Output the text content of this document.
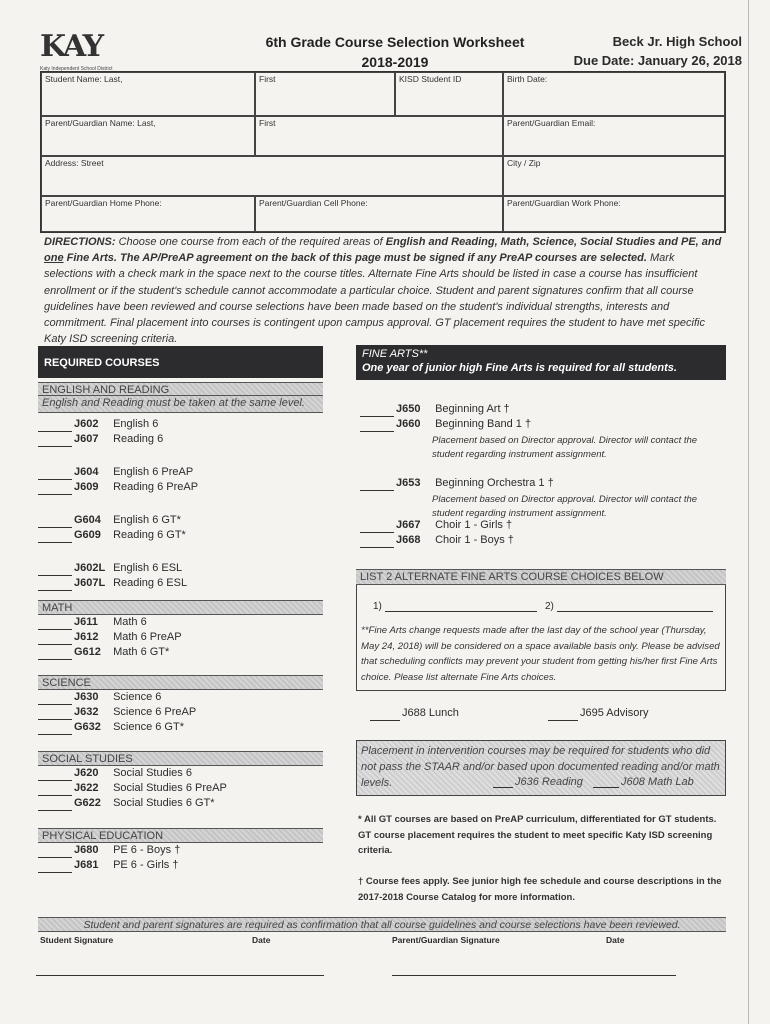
KAY
Katy Independent School District
6th Grade Course Selection Worksheet
2018-2019
Beck Jr. High School
Due Date: January 26, 2018
Student Name: Last,	First	KISD Student ID	Birth Date:
Parent/Guardian Name: Last,	First	Parent/Guardian Email:
Address: Street	City / Zip
Parent/Guardian Home Phone:	Parent/Guardian Cell Phone:	Parent/Guardian Work Phone:
DIRECTIONS: Choose one course from each of the required areas of English and Reading, Math, Science, Social Studies and PE, and one Fine Arts. The AP/PreAP agreement on the back of this page must be signed if any PreAP courses are selected. Mark selections with a check mark in the space next to the course titles. Alternate Fine Arts should be listed in case a course has insufficient enrollment or if the student's schedule cannot accommodate a particular choice. Student and parent signatures confirm that all course guidelines have been reviewed and course selections have been made based on the student's individual strengths, interests and commitment. Final placement into courses is contingent upon campus approval. GT placement requires the student to have met specific Katy ISD screening criteria.
REQUIRED COURSES
ENGLISH AND READING
English and Reading must be taken at the same level.
J602 English 6
J607 Reading 6
J604 English 6 PreAP
J609 Reading 6 PreAP
G604 English 6 GT*
G609 Reading 6 GT*
J602L English 6 ESL
J607L Reading 6 ESL
MATH
J611 Math 6
J612 Math 6 PreAP
G612 Math 6 GT*
SCIENCE
J630 Science 6
J632 Science 6 PreAP
G632 Science 6 GT*
SOCIAL STUDIES
J620 Social Studies 6
J622 Social Studies 6 PreAP
G622 Social Studies 6 GT*
PHYSICAL EDUCATION
J680 PE 6 - Boys †
J681 PE 6 - Girls †
FINE ARTS**
One year of junior high Fine Arts is required for all students.
J650 Beginning Art †
J660 Beginning Band 1 †
Placement based on Director approval. Director will contact the student regarding instrument assignment.
J653 Beginning Orchestra 1 †
Placement based on Director approval. Director will contact the student regarding instrument assignment.
J667 Choir 1 - Girls †
J668 Choir 1 - Boys †
LIST 2 ALTERNATE FINE ARTS COURSE CHOICES BELOW
1)	2)
**Fine Arts change requests made after the last day of the school year (Thursday, May 24, 2018) will be considered on a space available basis only. Please be advised that scheduling conflicts may prevent your student from getting his/her first Fine Arts choice. Please list alternate Fine Arts choices.
J688 Lunch	J695 Advisory
Placement in intervention courses may be required for students who did not pass the STAAR and/or based upon documented reading and/or math levels.	J636 Reading	J608 Math Lab
* All GT courses are based on PreAP curriculum, differentiated for GT students. GT course placement requires the student to meet specific Katy ISD screening criteria.
† Course fees apply. See junior high fee schedule and course descriptions in the 2017-2018 Course Catalog for more information.
Student and parent signatures are required as confirmation that all course guidelines and course selections have been reviewed.
Student Signature	Date	Parent/Guardian Signature	Date
